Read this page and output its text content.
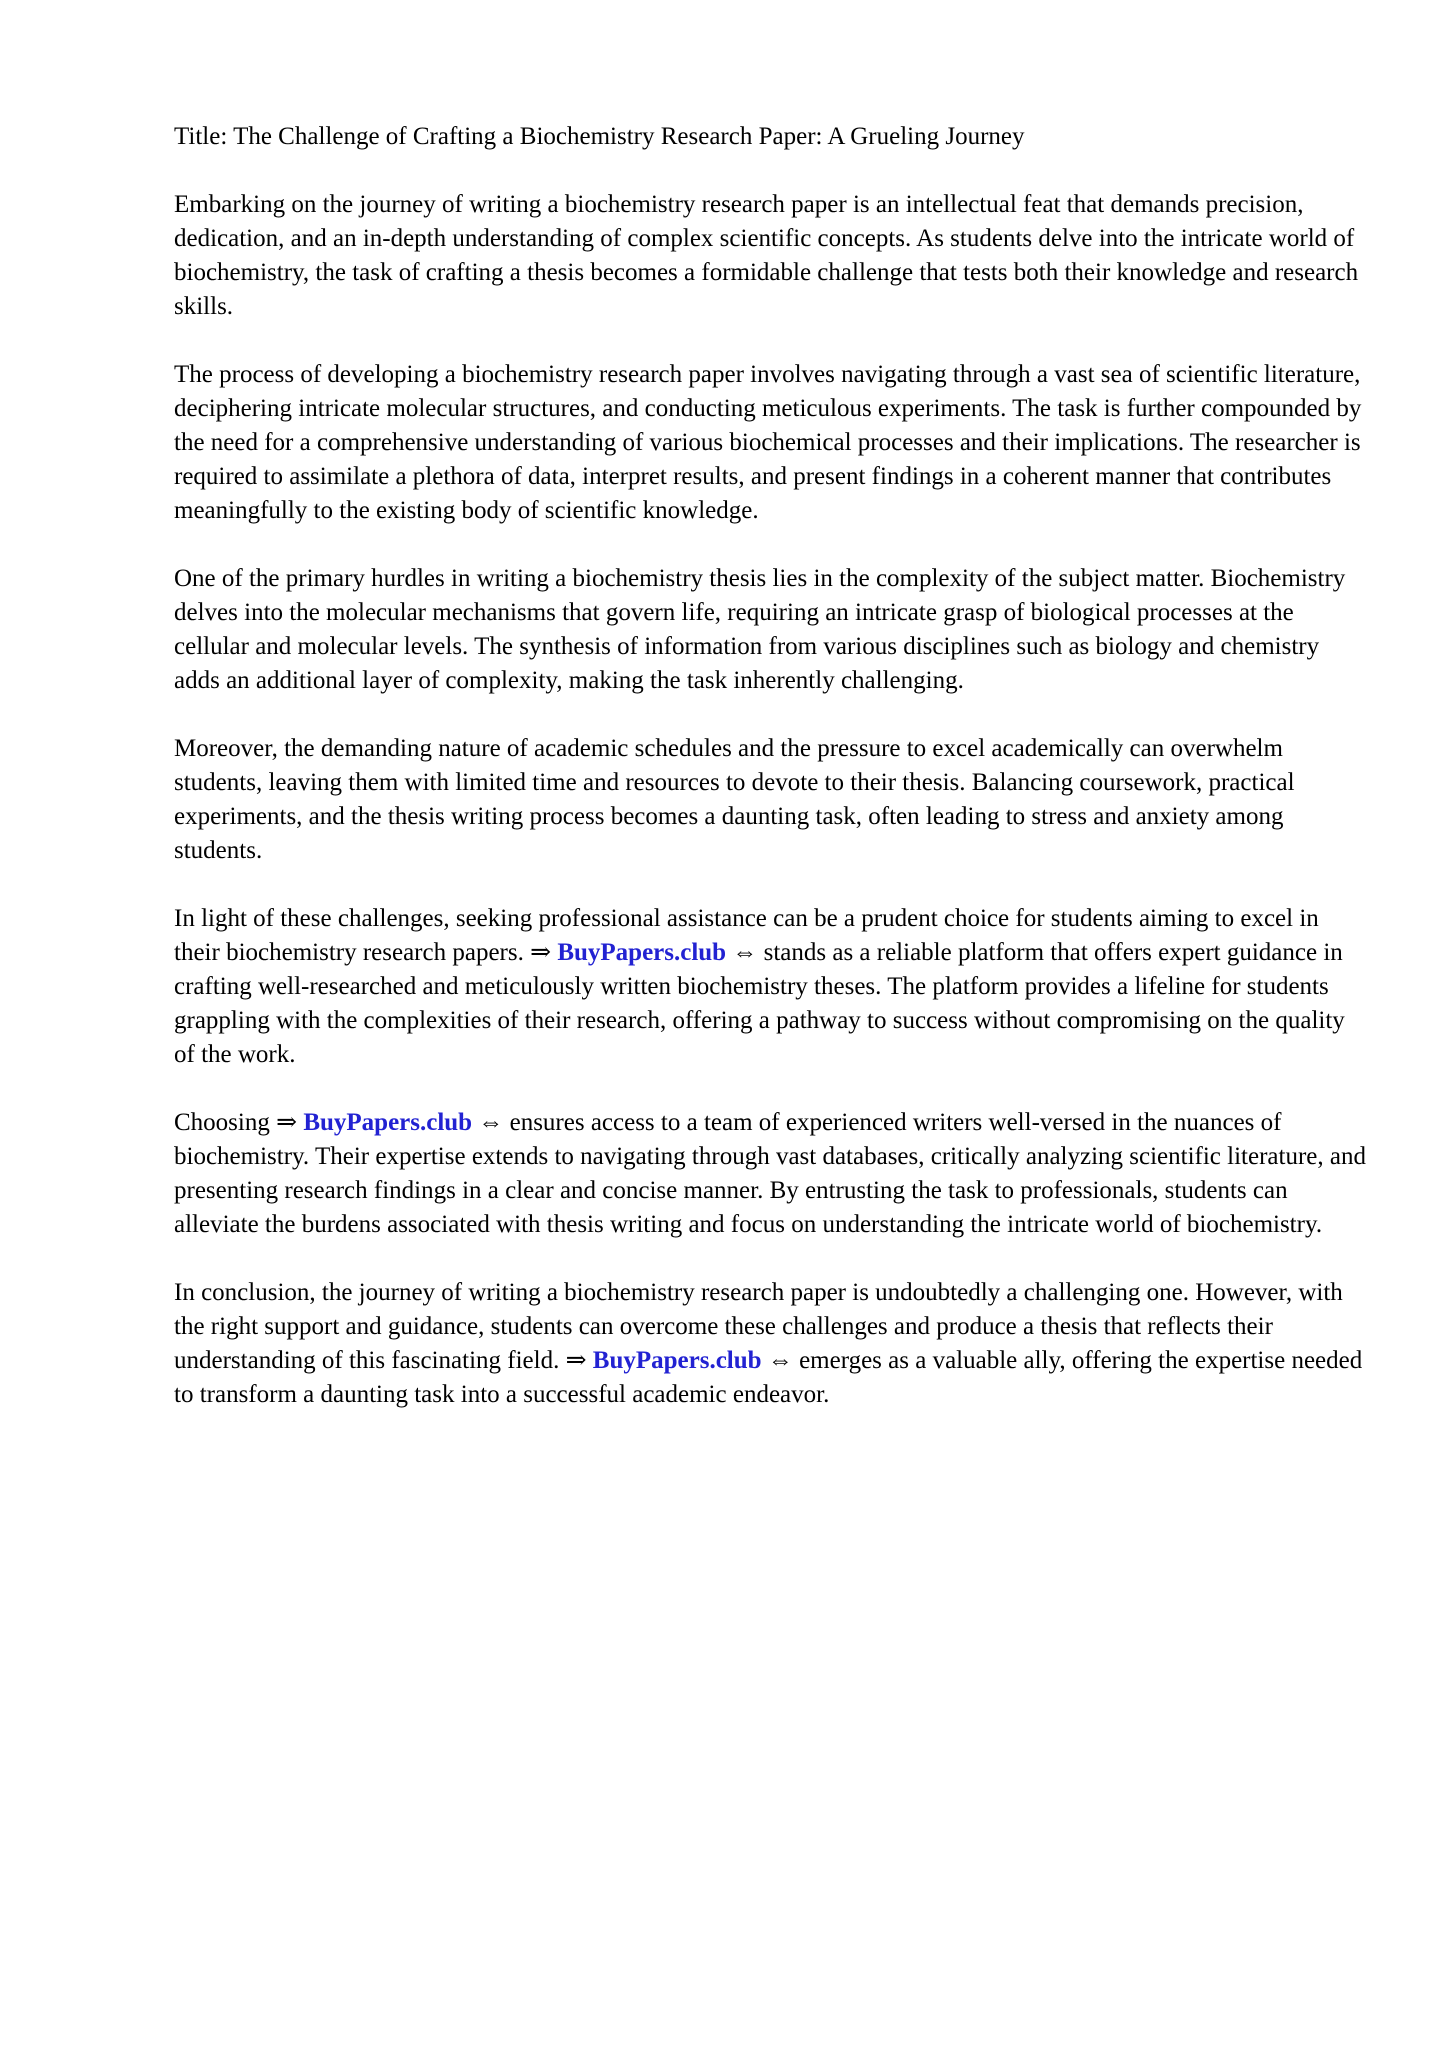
Title: The Challenge of Crafting a Biochemistry Research Paper: A Grueling Journey

Embarking on the journey of writing a biochemistry research paper is an intellectual feat that demands precision, dedication, and an in-depth understanding of complex scientific concepts. As students delve into the intricate world of biochemistry, the task of crafting a thesis becomes a formidable challenge that tests both their knowledge and research skills.

The process of developing a biochemistry research paper involves navigating through a vast sea of scientific literature, deciphering intricate molecular structures, and conducting meticulous experiments. The task is further compounded by the need for a comprehensive understanding of various biochemical processes and their implications. The researcher is required to assimilate a plethora of data, interpret results, and present findings in a coherent manner that contributes meaningfully to the existing body of scientific knowledge.

One of the primary hurdles in writing a biochemistry thesis lies in the complexity of the subject matter. Biochemistry delves into the molecular mechanisms that govern life, requiring an intricate grasp of biological processes at the cellular and molecular levels. The synthesis of information from various disciplines such as biology and chemistry adds an additional layer of complexity, making the task inherently challenging.

Moreover, the demanding nature of academic schedules and the pressure to excel academically can overwhelm students, leaving them with limited time and resources to devote to their thesis. Balancing coursework, practical experiments, and the thesis writing process becomes a daunting task, often leading to stress and anxiety among students.

In light of these challenges, seeking professional assistance can be a prudent choice for students aiming to excel in their biochemistry research papers. ⇒ BuyPapers.club ⇔ stands as a reliable platform that offers expert guidance in crafting well-researched and meticulously written biochemistry theses. The platform provides a lifeline for students grappling with the complexities of their research, offering a pathway to success without compromising on the quality of the work.

Choosing ⇒ BuyPapers.club ⇔ ensures access to a team of experienced writers well-versed in the nuances of biochemistry. Their expertise extends to navigating through vast databases, critically analyzing scientific literature, and presenting research findings in a clear and concise manner. By entrusting the task to professionals, students can alleviate the burdens associated with thesis writing and focus on understanding the intricate world of biochemistry.

In conclusion, the journey of writing a biochemistry research paper is undoubtedly a challenging one. However, with the right support and guidance, students can overcome these challenges and produce a thesis that reflects their understanding of this fascinating field. ⇒ BuyPapers.club ⇔ emerges as a valuable ally, offering the expertise needed to transform a daunting task into a successful academic endeavor.
